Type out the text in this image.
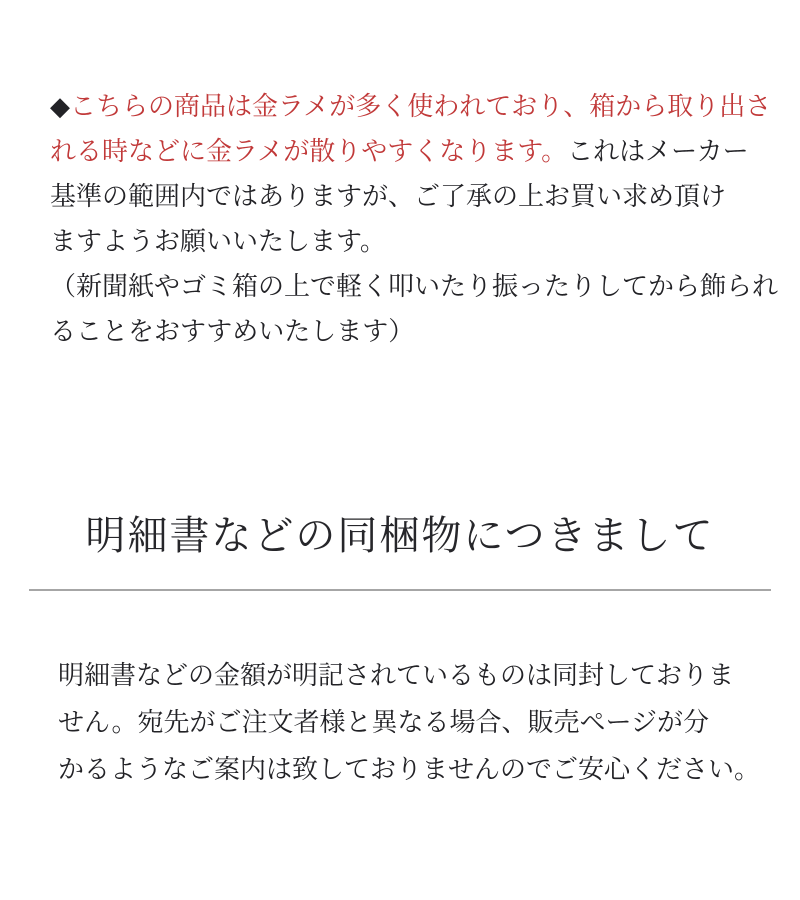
◆こちらの商品は金ラメが多く使われており、箱から取り出さ
れる時などに金ラメが散りやすくなります。これはメーカー
基準の範囲内ではありますが、ご了承の上お買い求め頂け
ますようお願いいたします。
（新聞紙やゴミ箱の上で軽く叩いたり振ったりしてから飾られ
ることをおすすめいたします）
明細書などの同梱物につきまして
明細書などの金額が明記されているものは同封しておりま
せん。宛先がご注文者様と異なる場合、販売ページが分
かるようなご案内は致しておりませんのでご安心ください。
